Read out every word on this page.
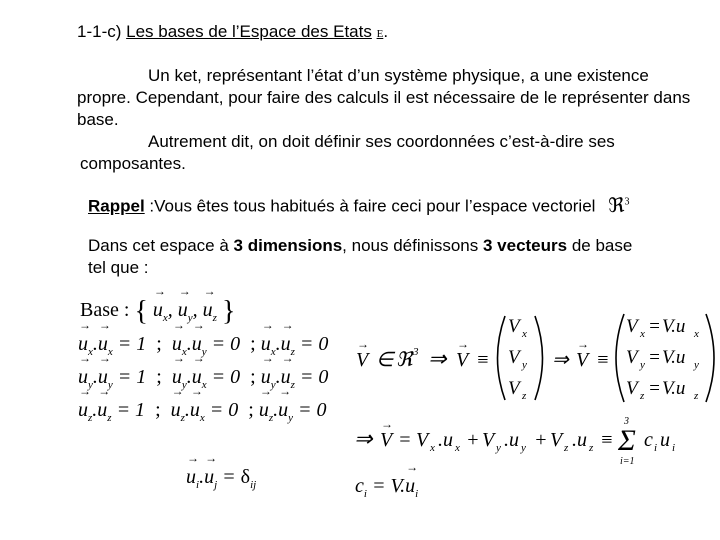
1-1-c) Les bases de l’Espace des Etats E.
Un ket, représentant l’état d’un système physique, a une existence
propre. Cependant, pour faire des calculs il est nécessaire de le représenter dans
base.
Autrement dit, on doit définir ses coordonnées c’est-à-dire ses
composantes.
Rappel :Vous êtes tous habitués à faire ceci pour l’espace vectoriel ℜ$^3$
Dans cet espace à 3 dimensions, nous définissons 3 vecteurs de base
tel que :
Base : { → $u_x$, → $u_y$, → $u_z$ }
→ $u_x.\to u_x = 1$  ; → $u_x.\to u_y = 0$  ; → $u_x.\to u_z = 0$
→ $u_y.\to u_y = 1$  ; → $u_y.\to u_x = 0$  ; → $u_y.\to u_z = 0$
→ $u_z.\to u_z = 1$  ; → $u_z.\to u_x = 0$  ; → $u_z.\to u_y = 0$
→ $u_i.\to u_j = \delta_{ij}$
V
→
∈ ℜ 3 ⇒ V
→
≡
V x
V y
V z
⇒ V
→
≡
V x = V.u x
V y = V.u y
V z = V.u z
⇒ V
→
= V x .u x + V y .u y + V z .u z ≡ Σ
3
i=1
c i u i
$c_i = V.\to u_i$
